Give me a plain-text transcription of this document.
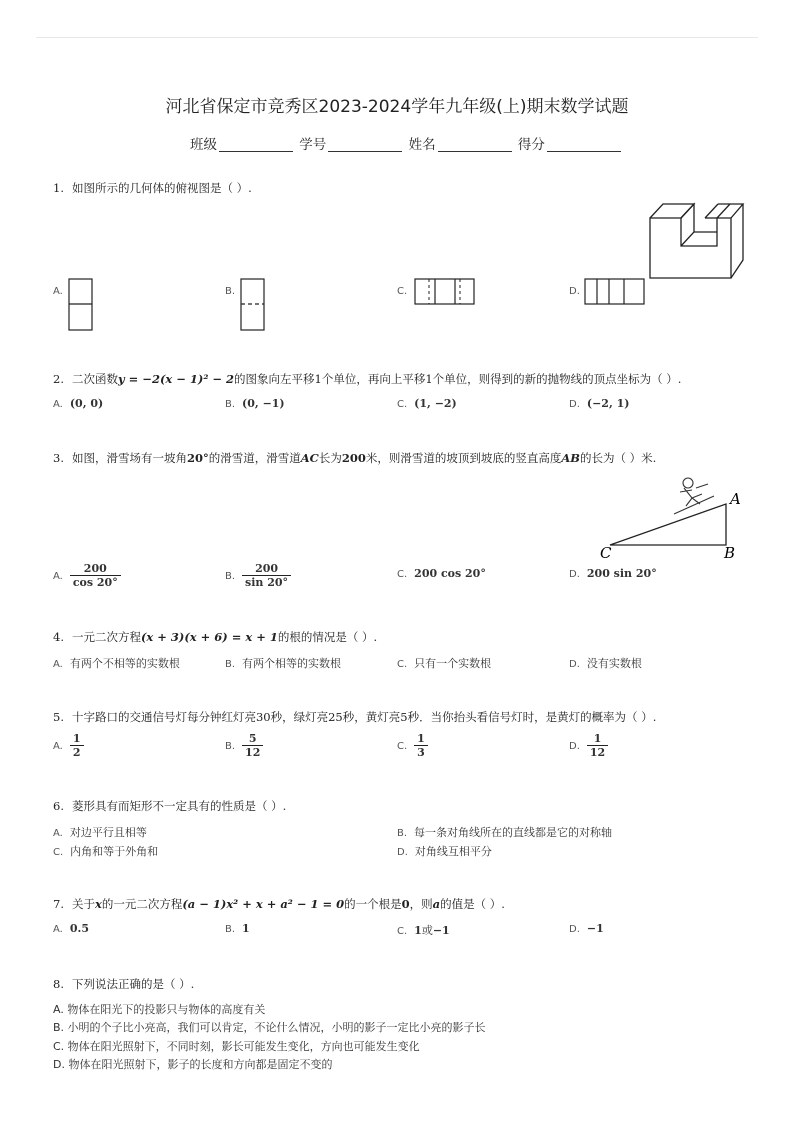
河北省保定市竞秀区2023-2024学年九年级(上)期末数学试题
班级	学号	姓名	得分
1. 如图所示的几何体的俯视图是（ ）.
A.	B.	C.	D.
2. 二次函数y = −2(x − 1)² − 2的图象向左平移1个单位，再向上平移1个单位，则得到的新的抛物线的顶点坐标为（ ）.
A. (0, 0)	B. (0, −1)	C. (1, −2)	D. (−2, 1)
3. 如图，滑雪场有一坡角20°的滑雪道，滑雪道AC长为200米，则滑雪道的坡顶到坡底的竖直高度AB的长为（ ）米.
A
B
C
A. $\frac{200}{\cos 20^\circ}$	B. $\frac{200}{\sin 20^\circ}$	C. 200 cos 20°	D. 200 sin 20°
4. 一元二次方程(x + 3)(x + 6) = x + 1的根的情况是（ ）.
A. 有两个不相等的实数根	B. 有两个相等的实数根	C. 只有一个实数根	D. 没有实数根
5. 十字路口的交通信号灯每分钟红灯亮30秒，绿灯亮25秒，黄灯亮5秒．当你抬头看信号灯时，是黄灯的概率为（ ）.
A. $\frac{1}{2}$	B. $\frac{5}{12}$	C. $\frac{1}{3}$	D. $\frac{1}{12}$
6. 菱形具有而矩形不一定具有的性质是（ ）.
A. 对边平行且相等	B. 每一条对角线所在的直线都是它的对称轴
C. 内角和等于外角和	D. 对角线互相平分
7. 关于x的一元二次方程(a − 1)x² + x + a² − 1 = 0的一个根是0，则a的值是（ ）.
A. 0.5	B. 1	C. 1或−1	D. −1
8. 下列说法正确的是（ ）.
A. 物体在阳光下的投影只与物体的高度有关
B. 小明的个子比小亮高，我们可以肯定，不论什么情况，小明的影子一定比小亮的影子长
C. 物体在阳光照射下，不同时刻，影长可能发生变化，方向也可能发生变化
D. 物体在阳光照射下，影子的长度和方向都是固定不变的
